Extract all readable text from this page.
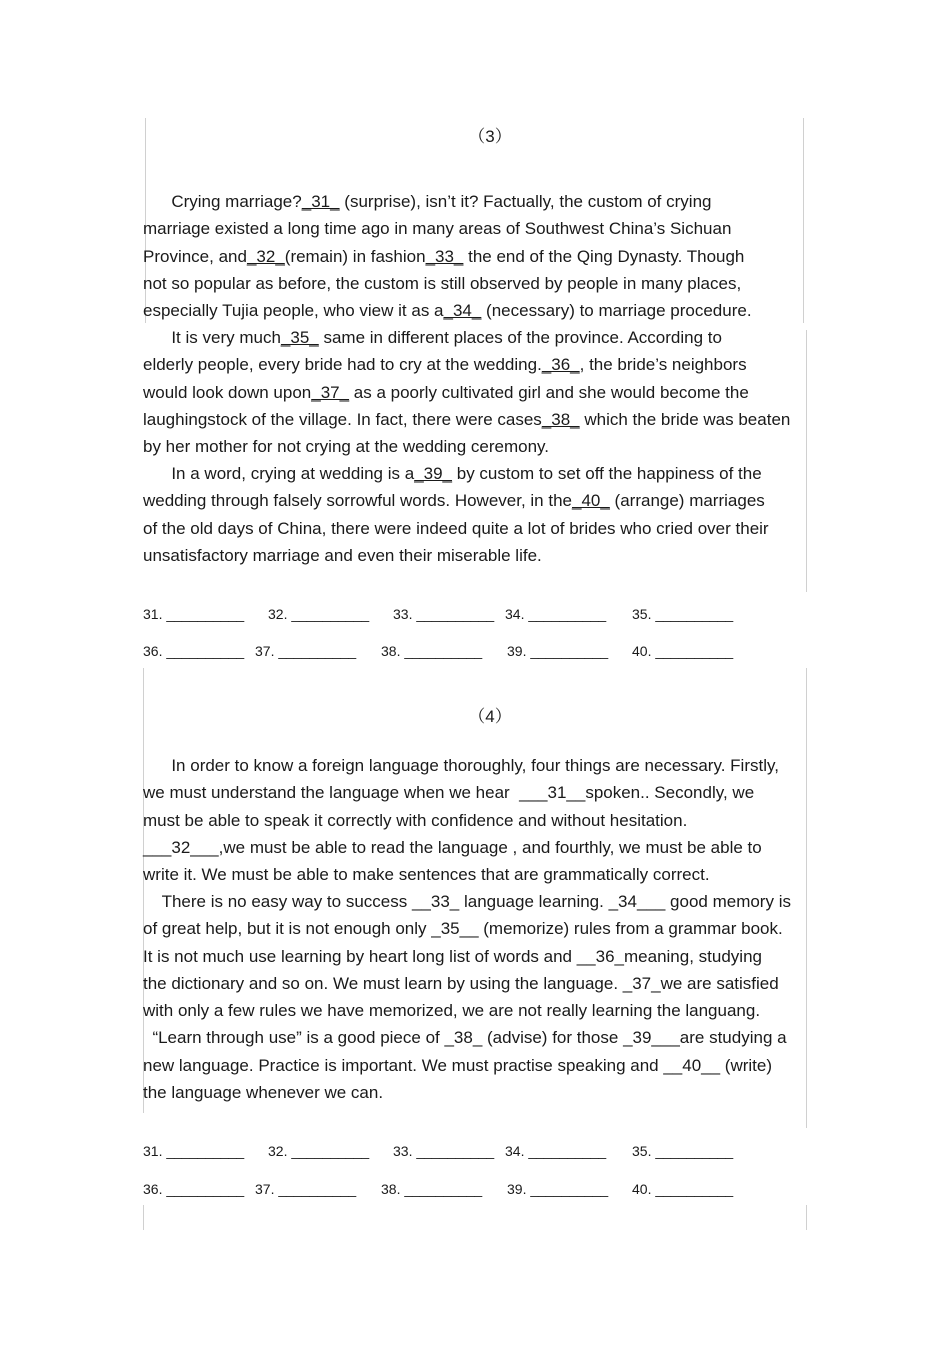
（3）
Crying marriage?_31_ (surprise), isn’t it? Factually, the custom of crying
marriage existed a long time ago in many areas of Southwest China’s Sichuan
Province, and_32_(remain) in fashion_33_ the end of the Qing Dynasty. Though
not so popular as before, the custom is still observed by people in many places,
especially Tujia people, who view it as a_34_ (necessary) to marriage procedure.
It is very much_35_ same in different places of the province. According to
elderly people, every bride had to cry at the wedding._36_, the bride’s neighbors
would look down upon_37_ as a poorly cultivated girl and she would become the
laughingstock of the village. In fact, there were cases_38_ which the bride was beaten
by her mother for not crying at the wedding ceremony.
In a word, crying at wedding is a_39_ by custom to set off the happiness of the
wedding through falsely sorrowful words. However, in the_40_ (arrange) marriages
of the old days of China, there were indeed quite a lot of brides who cried over their
unsatisfactory marriage and even their miserable life.
31. __________ 32. __________ 33. __________ 34. __________ 35. __________
36. __________ 37. __________ 38. __________ 39. __________ 40. __________
（4）
In order to know a foreign language thoroughly, four things are necessary. Firstly,
we must understand the language when we hear  ___31__spoken.. Secondly, we
must be able to speak it correctly with confidence and without hesitation.
___32___,we must be able to read the language , and fourthly, we must be able to
write it. We must be able to make sentences that are grammatically correct.
There is no easy way to success __33_ language learning. _34___ good memory is
of great help, but it is not enough only _35__ (memorize) rules from a grammar book.
It is not much use learning by heart long list of words and __36_meaning, studying
the dictionary and so on. We must learn by using the language. _37_we are satisfied
with only a few rules we have memorized, we are not really learning the languang.
“Learn through use” is a good piece of _38_ (advise) for those _39___are studying a
new language. Practice is important. We must practise speaking and __40__ (write)
the language whenever we can.
31. __________ 32. __________ 33. __________ 34. __________ 35. __________
36. __________ 37. __________ 38. __________ 39. __________ 40. __________
